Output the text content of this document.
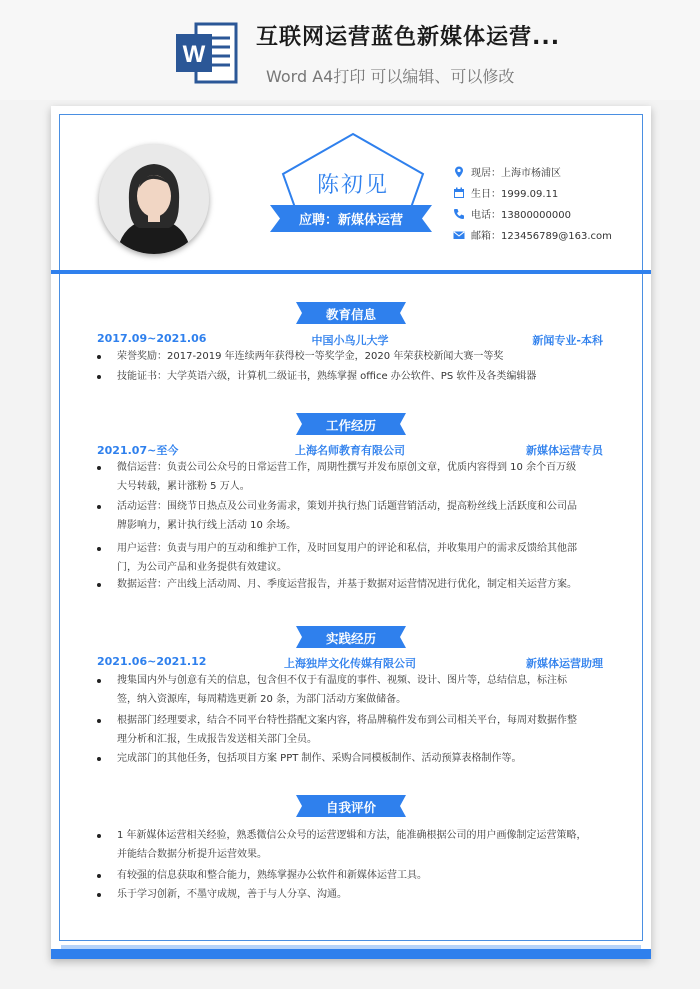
W
互联网运营蓝色新媒体运营...
Word A4打印 可以编辑、可以修改
陈初见
应聘：新媒体运营
现居：上海市杨浦区
生日：1999.09.11
电话：13800000000
邮箱：123456789@163.com
教育信息
2017.09~2021.06	中国小鸟儿大学	新闻专业-本科
荣誉奖励：2017-2019 年连续两年获得校一等奖学金，2020 年荣获校新闻大赛一等奖
技能证书：大学英语六级，计算机二级证书，熟练掌握 office 办公软件、PS 软件及各类编辑器
工作经历
2021.07~至今	上海名师教育有限公司	新媒体运营专员
微信运营：负责公司公众号的日常运营工作，周期性撰写并发布原创文章，优质内容得到 10 余个百万级
大号转载，累计涨粉 5 万人。
活动运营：围绕节日热点及公司业务需求，策划并执行热门话题营销活动，提高粉丝线上活跃度和公司品
牌影响力，累计执行线上活动 10 余场。
用户运营：负责与用户的互动和维护工作，及时回复用户的评论和私信，并收集用户的需求反馈给其他部
门，为公司产品和业务提供有效建议。
数据运营：产出线上活动周、月、季度运营报告，并基于数据对运营情况进行优化，制定相关运营方案。
实践经历
2021.06~2021.12	上海独岸文化传媒有限公司	新媒体运营助理
搜集国内外与创意有关的信息，包含但不仅于有温度的事件、视频、设计、图片等，总结信息，标注标
签，纳入资源库，每周精选更新 20 条，为部门活动方案做储备。
根据部门经理要求，结合不同平台特性搭配文案内容，将品牌稿件发布到公司相关平台，每周对数据作整
理分析和汇报，生成报告发送相关部门全员。
完成部门的其他任务，包括项目方案 PPT 制作、采购合同模板制作、活动预算表格制作等。
自我评价
1 年新媒体运营相关经验，熟悉微信公众号的运营逻辑和方法，能准确根据公司的用户画像制定运营策略，
并能结合数据分析提升运营效果。
有较强的信息获取和整合能力，熟练掌握办公软件和新媒体运营工具。
乐于学习创新，不墨守成规，善于与人分享、沟通。
